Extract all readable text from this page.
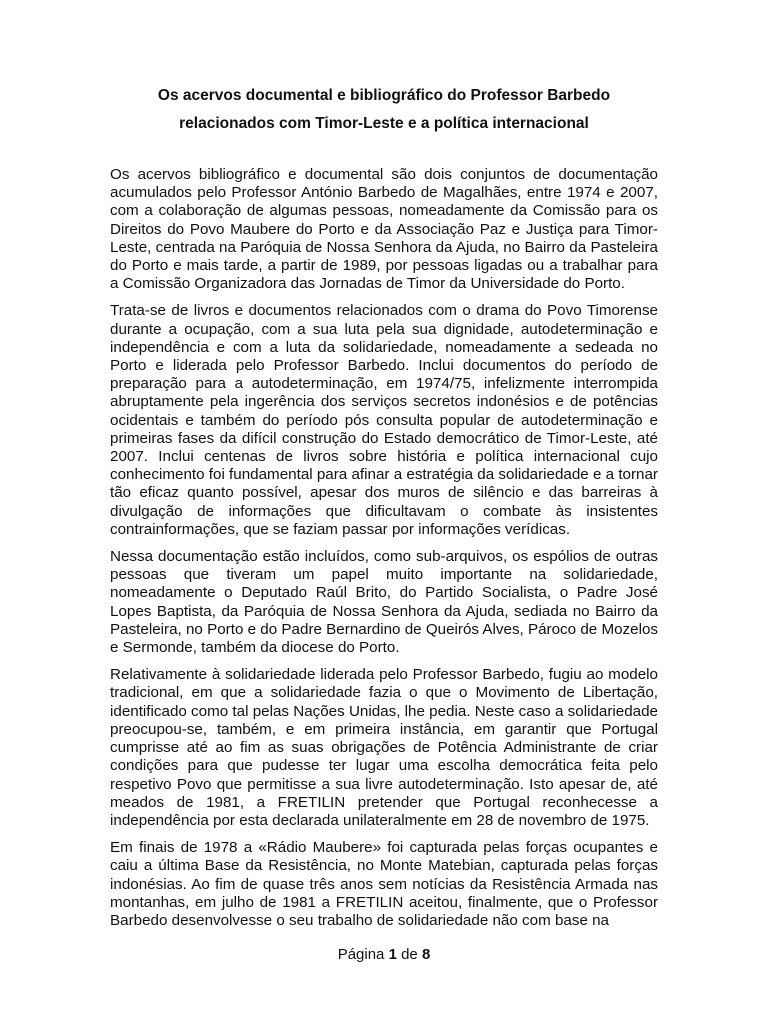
Os acervos documental e bibliográfico do Professor Barbedo
relacionados com Timor-Leste e a política internacional

Os acervos bibliográfico e documental são dois conjuntos de documentação acumulados pelo Professor António Barbedo de Magalhães, entre 1974 e 2007, com a colaboração de algumas pessoas, nomeadamente da Comissão para os Direitos do Povo Maubere do Porto e da Associação Paz e Justiça para Timor-Leste, centrada na Paróquia de Nossa Senhora da Ajuda, no Bairro da Pasteleira do Porto e mais tarde, a partir de 1989, por pessoas ligadas ou a trabalhar para a Comissão Organizadora das Jornadas de Timor da Universidade do Porto.

Trata-se de livros e documentos relacionados com o drama do Povo Timorense durante a ocupação, com a sua luta pela sua dignidade, autodeterminação e independência e com a luta da solidariedade, nomeadamente a sedeada no Porto e liderada pelo Professor Barbedo. Inclui documentos do período de preparação para a autodeterminação, em 1974/75, infelizmente interrompida abruptamente pela ingerência dos serviços secretos indonésios e de potências ocidentais e também do período pós consulta popular de autodeterminação e primeiras fases da difícil construção do Estado democrático de Timor-Leste, até 2007. Inclui centenas de livros sobre história e política internacional cujo conhecimento foi fundamental para afinar a estratégia da solidariedade e a tornar tão eficaz quanto possível, apesar dos muros de silêncio e das barreiras à divulgação de informações que dificultavam o combate às insistentes contrainformações, que se faziam passar por informações verídicas.

Nessa documentação estão incluídos, como sub-arquivos, os espólios de outras pessoas que tiveram um papel muito importante na solidariedade, nomeadamente o Deputado Raúl Brito, do Partido Socialista, o Padre José Lopes Baptista, da Paróquia de Nossa Senhora da Ajuda, sediada no Bairro da Pasteleira, no Porto e do Padre Bernardino de Queirós Alves, Pároco de Mozelos e Sermonde, também da diocese do Porto.

Relativamente à solidariedade liderada pelo Professor Barbedo, fugiu ao modelo tradicional, em que a solidariedade fazia o que o Movimento de Libertação, identificado como tal pelas Nações Unidas, lhe pedia. Neste caso a solidariedade preocupou-se, também, e em primeira instância, em garantir que Portugal cumprisse até ao fim as suas obrigações de Potência Administrante de criar condições para que pudesse ter lugar uma escolha democrática feita pelo respetivo Povo que permitisse a sua livre autodeterminação. Isto apesar de, até meados de 1981, a FRETILIN pretender que Portugal reconhecesse a independência por esta declarada unilateralmente em 28 de novembro de 1975.

Em finais de 1978 a «Rádio Maubere» foi capturada pelas forças ocupantes e caiu a última Base da Resistência, no Monte Matebian, capturada pelas forças indonésias. Ao fim de quase três anos sem notícias da Resistência Armada nas montanhas, em julho de 1981 a FRETILIN aceitou, finalmente, que o Professor Barbedo desenvolvesse o seu trabalho de solidariedade não com base na

Página 1 de 8
